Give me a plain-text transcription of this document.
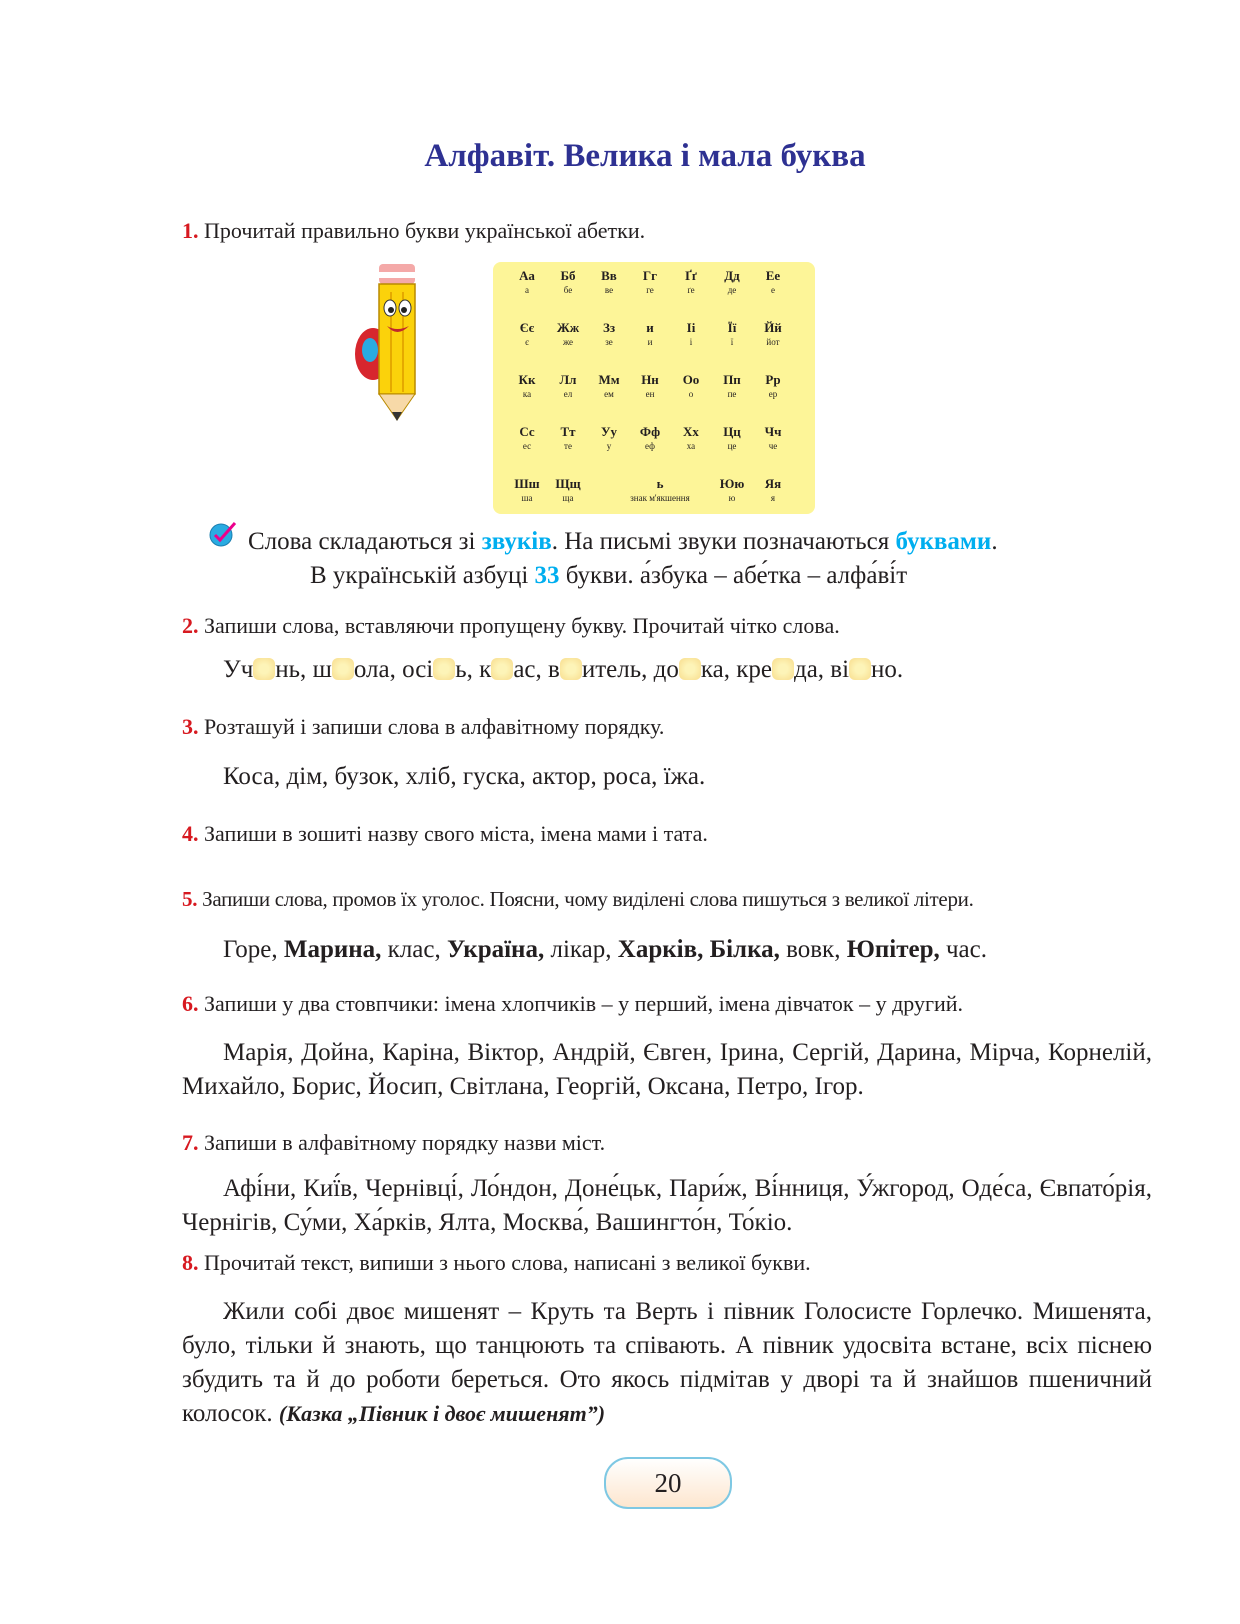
Алфавіт. Велика і мала буква
1. Прочитай правильно букви української абетки.
Аа
а
Бб
бе
Вв
ве
Гг
ге
Ґґ
ґе
Дд
де
Ее
е
Єє
є
Жж
же
Зз
зе
и
и
Іі
і
Її
ї
Йй
йот
Кк
ка
Лл
ел
Мм
ем
Нн
ен
Оо
о
Пп
пе
Рр
ер
Сс
ес
Тт
те
Уу
у
Фф
еф
Хх
ха
Цц
це
Чч
че
Шш
ша
Щщ
ща
ь
знак м'якшення
Юю
ю
Яя
я
Слова складаються зі звуків. На письмі звуки позначаються буквами.
В українській азбуці 33 букви. а́збука – абе́тка – алфа́ві́т
2. Запиши слова, вставляючи пропущену букву. Прочитай чітко слова.
Уч нь, ш ола, осі ь, к ас, в итель, до ка, кре да, ві но.
3. Розташуй і запиши слова в алфавітному порядку.
Коса, дім, бузок, хліб, гуска, актор, роса, їжа.
4. Запиши в зошиті назву свого міста, імена мами і тата.
5. Запиши слова, промов їх уголос. Поясни, чому виділені слова пишуться з великої літери.
Горе, Марина, клас, Україна, лікар, Харків, Білка, вовк, Юпітер, час.
6. Запиши у два стовпчики: імена хлопчиків – у перший, імена дівчаток – у другий.
Марія, Дойна, Каріна, Віктор, Андрій, Євген, Ірина, Сергій, Дарина, Мірча, Корнелій, Михайло, Борис, Йосип, Світлана, Георгій, Оксана, Петро, Ігор.
7. Запиши в алфавітному порядку назви міст.
Афі́ни, Киї́в, Чернівці́, Ло́ндон, Доне́цьк, Пари́ж, Ві́нниця, У́жгород, Оде́са, Євпато́рія, Чернігів, Су́ми, Ха́рків, Ялта, Москва́, Вашингто́н, То́кіо.
8. Прочитай текст, випиши з нього слова, написані з великої букви.
Жили собі двоє мишенят – Круть та Верть і півник Голосисте Горлечко. Мишенята, було, тільки й знають, що танцюють та співають. А півник удосвіта встане, всіх піснею збудить та й до роботи береться. Ото якось підмітав у дворі та й знайшов пшеничний колосок. (Казка „Півник і двоє мишенят”)
20
